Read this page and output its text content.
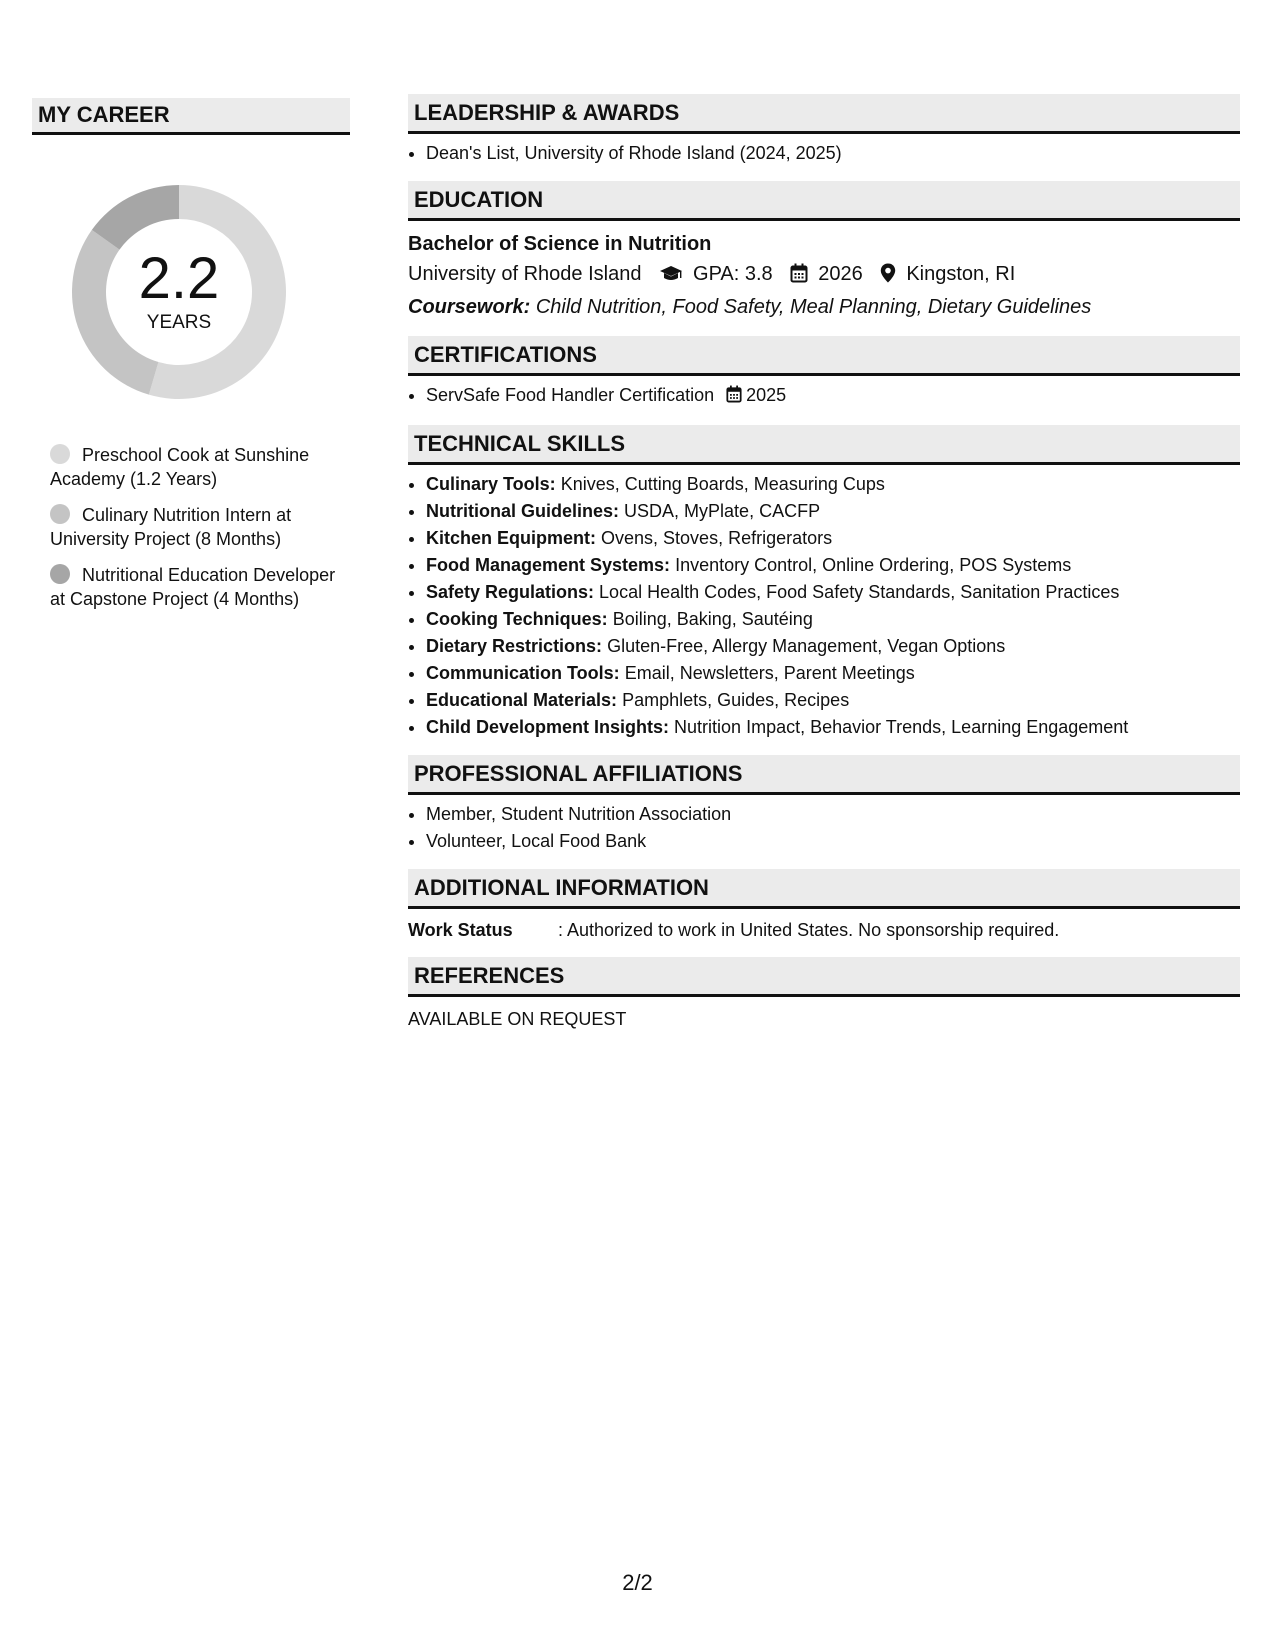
MY CAREER
2.2
YEARS
Preschool Cook at Sunshine Academy (1.2 Years)
Culinary Nutrition Intern at University Project (8 Months)
Nutritional Education Developer at Capstone Project (4 Months)
LEADERSHIP & AWARDS
• Dean's List, University of Rhode Island (2024, 2025)
EDUCATION
Bachelor of Science in Nutrition
University of Rhode Island	GPA: 3.8 2026 Kingston, RI
Coursework: Child Nutrition, Food Safety, Meal Planning, Dietary Guidelines
CERTIFICATIONS
• ServSafe Food Handler Certification 2025
TECHNICAL SKILLS
• Culinary Tools: Knives, Cutting Boards, Measuring Cups
• Nutritional Guidelines: USDA, MyPlate, CACFP
• Kitchen Equipment: Ovens, Stoves, Refrigerators
• Food Management Systems: Inventory Control, Online Ordering, POS Systems
• Safety Regulations: Local Health Codes, Food Safety Standards, Sanitation Practices
• Cooking Techniques: Boiling, Baking, Sautéing
• Dietary Restrictions: Gluten-Free, Allergy Management, Vegan Options
• Communication Tools: Email, Newsletters, Parent Meetings
• Educational Materials: Pamphlets, Guides, Recipes
• Child Development Insights: Nutrition Impact, Behavior Trends, Learning Engagement
PROFESSIONAL AFFILIATIONS
• Member, Student Nutrition Association
• Volunteer, Local Food Bank
ADDITIONAL INFORMATION
Work Status	: Authorized to work in United States. No sponsorship required.
REFERENCES
AVAILABLE ON REQUEST
2/2
